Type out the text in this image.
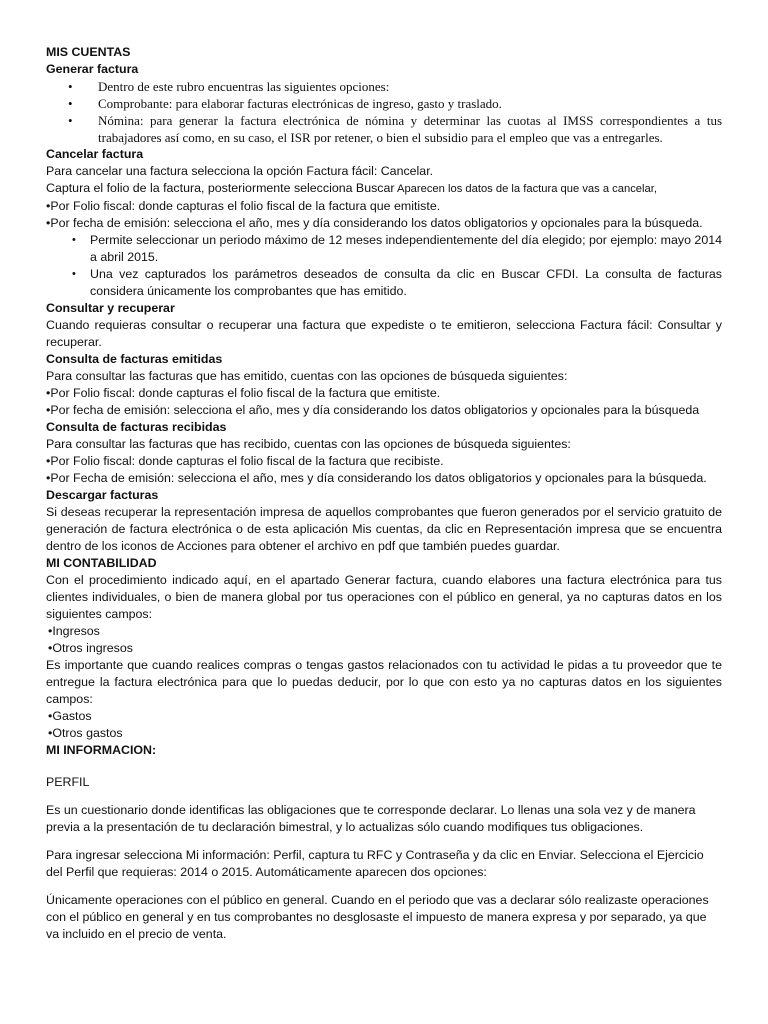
MIS CUENTAS

Generar factura

• Dentro de este rubro encuentras las siguientes opciones:
• Comprobante: para elaborar facturas electrónicas de ingreso, gasto y traslado.
• Nómina: para generar la factura electrónica de nómina y determinar las cuotas al IMSS correspondientes a tus trabajadores así como, en su caso, el ISR por retener, o bien el subsidio para el empleo que vas a entregarles.

Cancelar factura

Para cancelar una factura selecciona la opción Factura fácil: Cancelar.

Captura el folio de la factura, posteriormente selecciona Buscar Aparecen los datos de la factura que vas a cancelar,

•Por Folio fiscal: donde capturas el folio fiscal de la factura que emitiste.

•Por fecha de emisión: selecciona el año, mes y día considerando los datos obligatorios y opcionales para la búsqueda.

• Permite seleccionar un periodo máximo de 12 meses independientemente del día elegido; por ejemplo: mayo 2014 a abril 2015.
• Una vez capturados los parámetros deseados de consulta da clic en Buscar CFDI. La consulta de facturas considera únicamente los comprobantes que has emitido.

Consultar y recuperar

Cuando requieras consultar o recuperar una factura que expediste o te emitieron, selecciona Factura fácil: Consultar y recuperar.

Consulta de facturas emitidas

Para consultar las facturas que has emitido, cuentas con las opciones de búsqueda siguientes:

•Por Folio fiscal: donde capturas el folio fiscal de la factura que emitiste.

•Por fecha de emisión: selecciona el año, mes y día considerando los datos obligatorios y opcionales para la búsqueda

Consulta de facturas recibidas

Para consultar las facturas que has recibido, cuentas con las opciones de búsqueda siguientes:

•Por Folio fiscal: donde capturas el folio fiscal de la factura que recibiste.

•Por Fecha de emisión: selecciona el año, mes y día considerando los datos obligatorios y opcionales para la búsqueda.

Descargar facturas

Si deseas recuperar la representación impresa de aquellos comprobantes que fueron generados por el servicio gratuito de generación de factura electrónica o de esta aplicación Mis cuentas, da clic en Representación impresa que se encuentra dentro de los iconos de Acciones para obtener el archivo en pdf que también puedes guardar.

MI CONTABILIDAD

Con el procedimiento indicado aquí, en el apartado Generar factura, cuando elabores una factura electrónica para tus clientes individuales, o bien de manera global por tus operaciones con el público en general, ya no capturas datos en los siguientes campos:

•Ingresos

•Otros ingresos

Es importante que cuando realices compras o tengas gastos relacionados con tu actividad le pidas a tu proveedor que te entregue la factura electrónica para que lo puedas deducir, por lo que con esto ya no capturas datos en los siguientes campos:

•Gastos

•Otros gastos

MI INFORMACION:

PERFIL

Es un cuestionario donde identificas las obligaciones que te corresponde declarar. Lo llenas una sola vez y de manera previa a la presentación de tu declaración bimestral, y lo actualizas sólo cuando modifiques tus obligaciones.

Para ingresar selecciona Mi información: Perfil, captura tu RFC y Contraseña y da clic en Enviar. Selecciona el Ejercicio del Perfil que requieras: 2014 o 2015. Automáticamente aparecen dos opciones:

Únicamente operaciones con el público en general. Cuando en el periodo que vas a declarar sólo realizaste operaciones con el público en general y en tus comprobantes no desglosaste el impuesto de manera expresa y por separado, ya que va incluido en el precio de venta.
